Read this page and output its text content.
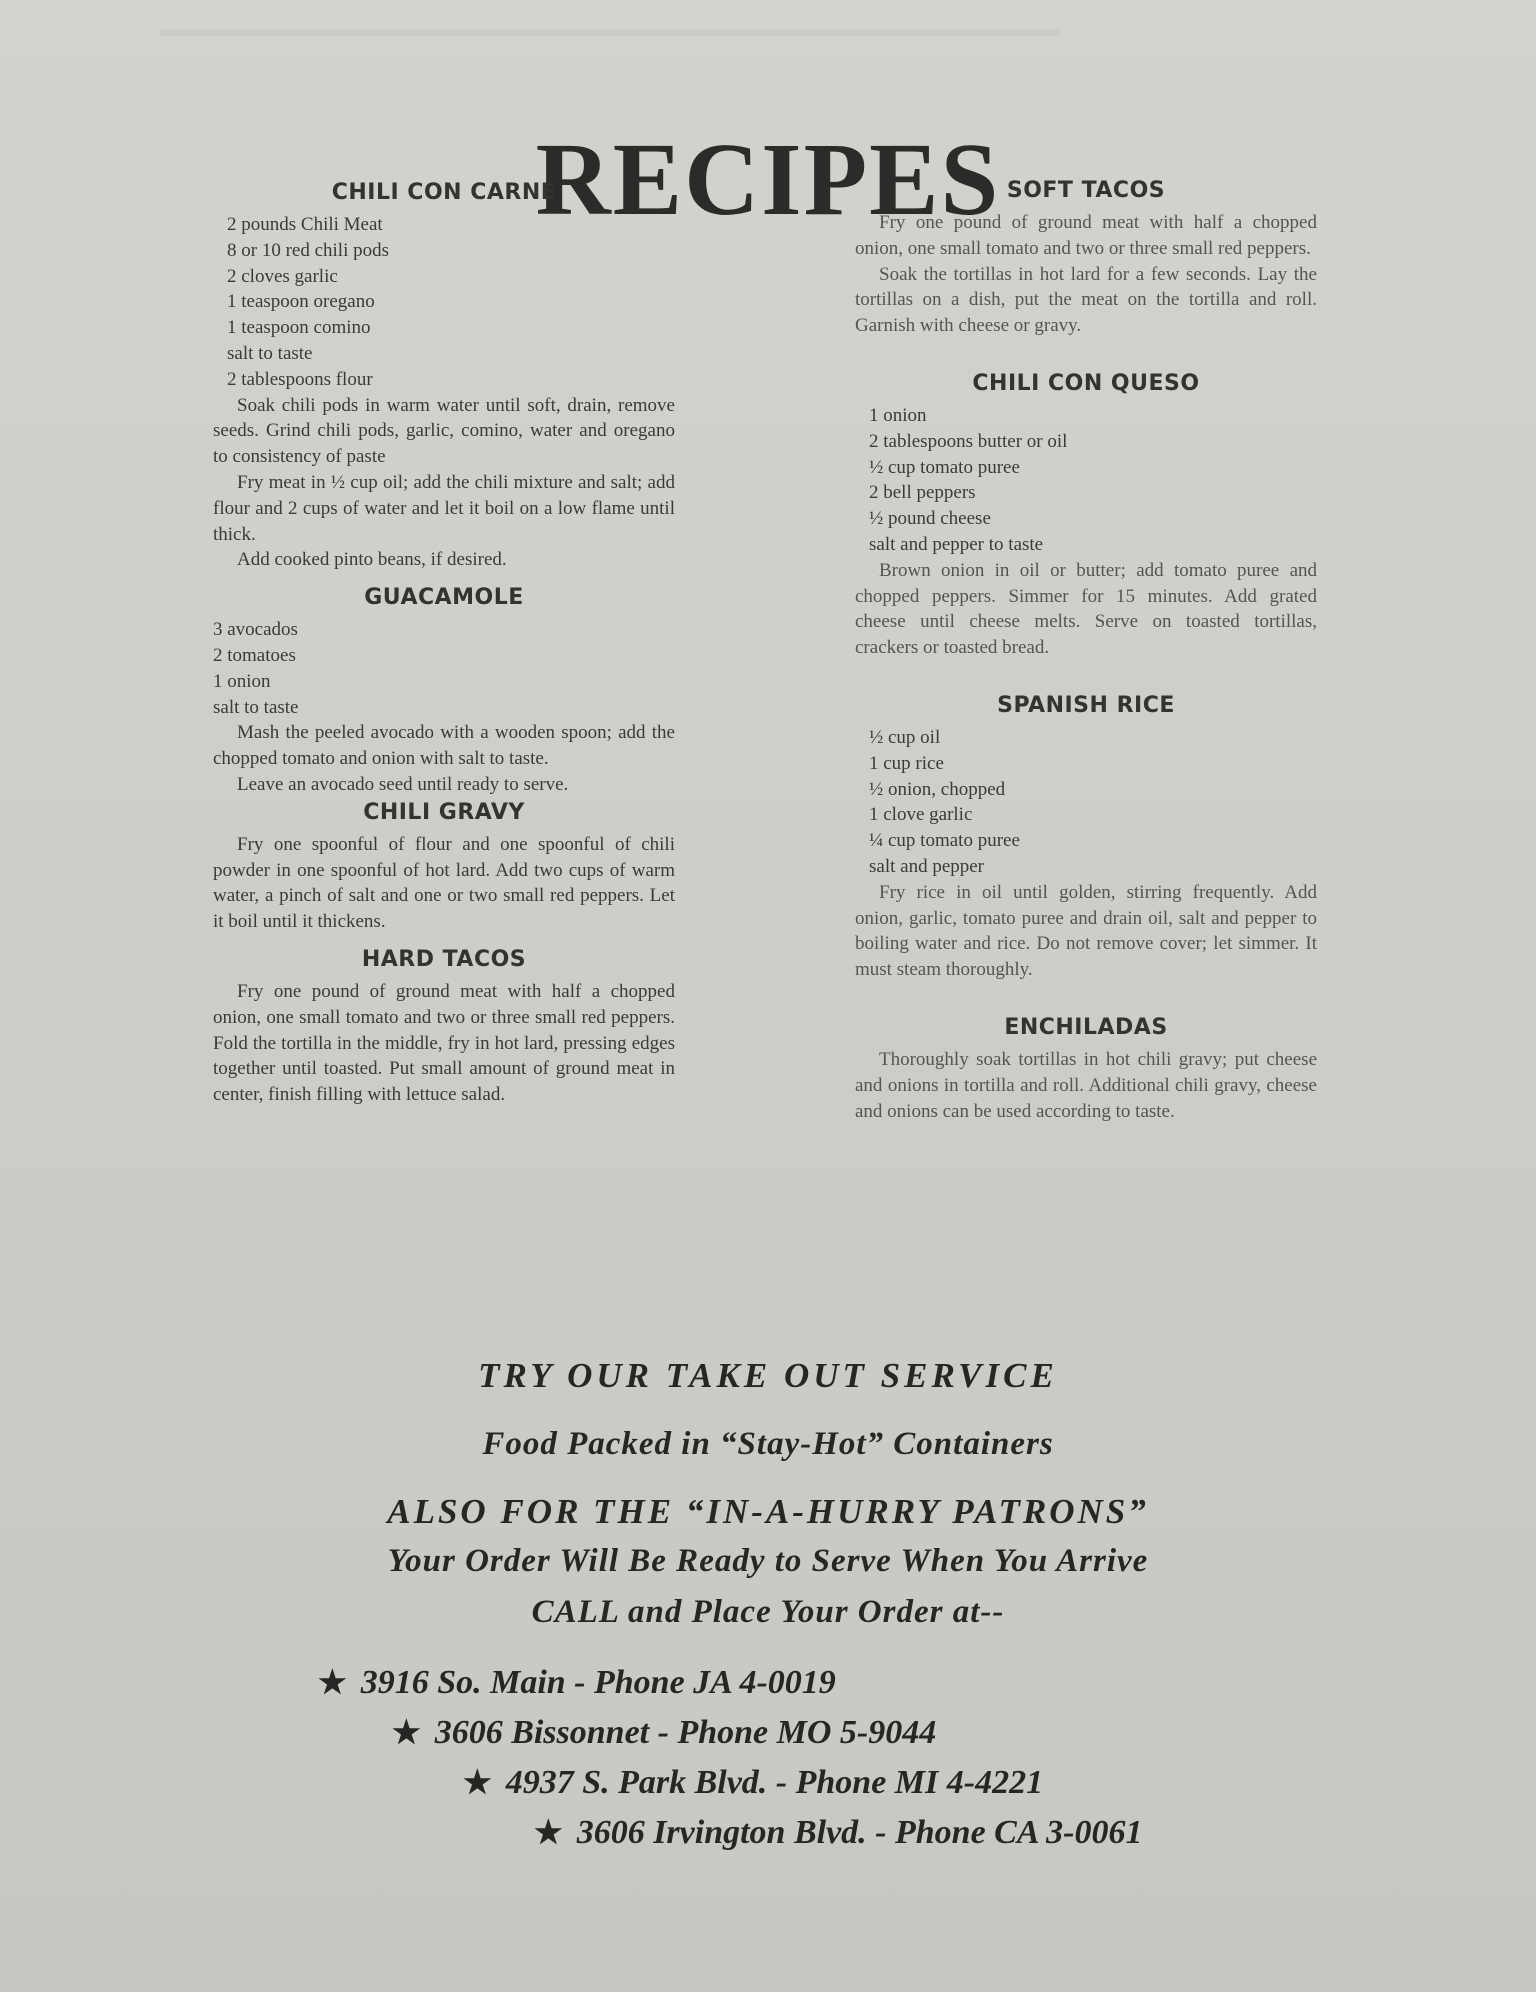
RECIPES
CHILI CON CARNE
2 pounds Chili Meat
8 or 10 red chili pods
2 cloves garlic
1 teaspoon oregano
1 teaspoon comino
salt to taste
2 tablespoons flour

Soak chili pods in warm water until soft, drain, remove seeds. Grind chili pods, garlic, comino, water and oregano to consistency of paste

Fry meat in ½ cup oil; add the chili mixture and salt; add flour and 2 cups of water and let it boil on a low flame until thick.

Add cooked pinto beans, if desired.

GUACAMOLE
3 avocados
2 tomatoes
1 onion
salt to taste

Mash the peeled avocado with a wooden spoon; add the chopped tomato and onion with salt to taste.

Leave an avocado seed until ready to serve.

CHILI GRAVY

Fry one spoonful of flour and one spoonful of chili powder in one spoonful of hot lard. Add two cups of warm water, a pinch of salt and one or two small red peppers. Let it boil until it thickens.

HARD TACOS

Fry one pound of ground meat with half a chopped onion, one small tomato and two or three small red peppers. Fold the tortilla in the middle, fry in hot lard, pressing edges together until toasted. Put small amount of ground meat in center, finish filling with lettuce salad.

SOFT TACOS

Fry one pound of ground meat with half a chopped onion, one small tomato and two or three small red peppers.

Soak the tortillas in hot lard for a few seconds. Lay the tortillas on a dish, put the meat on the tortilla and roll. Garnish with cheese or gravy.

CHILI CON QUESO
1 onion
2 tablespoons butter or oil
½ cup tomato puree
2 bell peppers
½ pound cheese
salt and pepper to taste

Brown onion in oil or butter; add tomato puree and chopped peppers. Simmer for 15 minutes. Add grated cheese until cheese melts. Serve on toasted tortillas, crackers or toasted bread.

SPANISH RICE
½ cup oil
1 cup rice
½ onion, chopped
1 clove garlic
¼ cup tomato puree
salt and pepper

Fry rice in oil until golden, stirring frequently. Add onion, garlic, tomato puree and drain oil, salt and pepper to boiling water and rice. Do not remove cover; let simmer. It must steam thoroughly.

ENCHILADAS

Thoroughly soak tortillas in hot chili gravy; put cheese and onions in tortilla and roll. Additional chili gravy, cheese and onions can be used according to taste.

TRY OUR TAKE OUT SERVICE
Food Packed in “Stay-Hot” Containers
ALSO FOR THE “IN-A-HURRY PATRONS”
Your Order Will Be Ready to Serve When You Arrive
CALL and Place Your Order at--
★ 3916 So. Main - Phone JA 4-0019
★ 3606 Bissonnet - Phone MO 5-9044
★ 4937 S. Park Blvd. - Phone MI 4-4221
★ 3606 Irvington Blvd. - Phone CA 3-0061
